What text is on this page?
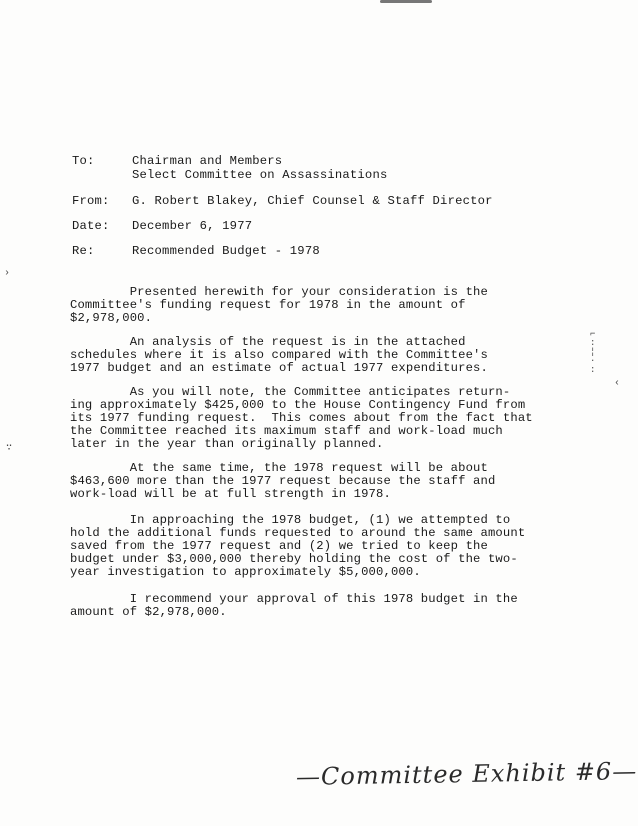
To:	Chairman and Members
Select Committee on Assassinations
From: G. Robert Blakey, Chief Counsel & Staff Director
Date: December 6, 1977
Re:	Recommended Budget - 1978
Presented herewith for your consideration is the
Committee's funding request for 1978 in the amount of
$2,978,000.
An analysis of the request is in the attached
schedules where it is also compared with the Committee's
1977 budget and an estimate of actual 1977 expenditures.
As you will note, the Committee anticipates return-
ing approximately $425,000 to the House Contingency Fund from
its 1977 funding request.  This comes about from the fact that
the Committee reached its maximum staff and work-load much
later in the year than originally planned.
At the same time, the 1978 request will be about
$463,600 more than the 1977 request because the staff and
work-load will be at full strength in 1978.
In approaching the 1978 budget, (1) we attempted to
hold the additional funds requested to around the same amount
saved from the 1977 request and (2) we tried to keep the
budget under $3,000,000 thereby holding the cost of the two-
year investigation to approximately $5,000,000.
I recommend your approval of this 1978 budget in the
amount of $2,978,000.
›
∵
⌐
:
¦
·
:
‹
—Committee Exhibit #6—
